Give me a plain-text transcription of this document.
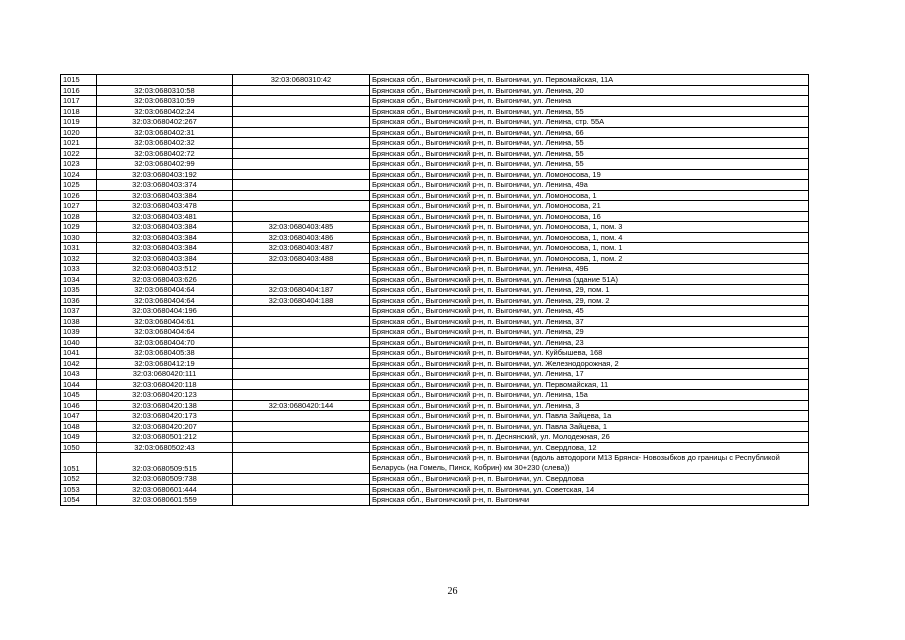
1015		32:03:0680310:42	Брянская обл., Выгоничский р-н, п. Выгоничи, ул. Первомайская, 11А
1016	32:03:0680310:58		Брянская обл., Выгоничский р-н, п. Выгоничи, ул. Ленина, 20
1017	32:03:0680310:59		Брянская обл., Выгоничский р-н, п. Выгоничи, ул. Ленина
1018	32:03:0680402:24		Брянская обл., Выгоничский р-н, п. Выгоничи, ул. Ленина, 55
1019	32:03:0680402:267		Брянская обл., Выгоничский р-н, п. Выгоничи, ул. Ленина, стр. 55А
1020	32:03:0680402:31		Брянская обл., Выгоничский р-н, п. Выгоничи, ул. Ленина, 66
1021	32:03:0680402:32		Брянская обл., Выгоничский р-н, п. Выгоничи, ул. Ленина, 55
1022	32:03:0680402:72		Брянская обл., Выгоничский р-н, п. Выгоничи, ул. Ленина, 55
1023	32:03:0680402:99		Брянская обл., Выгоничский р-н, п. Выгоничи, ул. Ленина, 55
1024	32:03:0680403:192		Брянская обл., Выгоничский р-н, п. Выгоничи, ул. Ломоносова, 19
1025	32:03:0680403:374		Брянская обл., Выгоничский р-н, п. Выгоничи, ул. Ленина, 49а
1026	32:03:0680403:384		Брянская обл., Выгоничский р-н, п. Выгоничи, ул. Ломоносова, 1
1027	32:03:0680403:478		Брянская обл., Выгоничский р-н, п. Выгоничи, ул. Ломоносова, 21
1028	32:03:0680403:481		Брянская обл., Выгоничский р-н, п. Выгоничи, ул. Ломоносова, 16
1029	32:03:0680403:384	32:03:0680403:485	Брянская обл., Выгоничский р-н, п. Выгоничи, ул. Ломоносова, 1, пом. 3
1030	32:03:0680403:384	32:03:0680403:486	Брянская обл., Выгоничский р-н, п. Выгоничи, ул. Ломоносова, 1, пом. 4
1031	32:03:0680403:384	32:03:0680403:487	Брянская обл., Выгоничский р-н, п. Выгоничи, ул. Ломоносова, 1, пом. 1
1032	32:03:0680403:384	32:03:0680403:488	Брянская обл., Выгоничский р-н, п. Выгоничи, ул. Ломоносова, 1, пом. 2
1033	32:03:0680403:512		Брянская обл., Выгоничский р-н, п. Выгоничи, ул. Ленина, 49Б
1034	32:03:0680403:626		Брянская обл., Выгоничский р-н, п. Выгоничи, ул. Ленина (здание 51А)
1035	32:03:0680404:64	32:03:0680404:187	Брянская обл., Выгоничский р-н, п. Выгоничи, ул. Ленина, 29, пом. 1
1036	32:03:0680404:64	32:03:0680404:188	Брянская обл., Выгоничский р-н, п. Выгоничи, ул. Ленина, 29, пом. 2
1037	32:03:0680404:196		Брянская обл., Выгоничский р-н, п. Выгоничи, ул. Ленина, 45
1038	32:03:0680404:61		Брянская обл., Выгоничский р-н, п. Выгоничи, ул. Ленина, 37
1039	32:03:0680404:64		Брянская обл., Выгоничский р-н, п. Выгоничи, ул. Ленина, 29
1040	32:03:0680404:70		Брянская обл., Выгоничский р-н, п. Выгоничи, ул. Ленина, 23
1041	32:03:0680405:38		Брянская обл., Выгоничский р-н, п. Выгоничи, ул. Куйбышева, 168
1042	32:03:0680412:19		Брянская обл., Выгоничский р-н, п. Выгоничи, ул. Железнодорожная, 2
1043	32:03:0680420:111		Брянская обл., Выгоничский р-н, п. Выгоничи, ул. Ленина, 17
1044	32:03:0680420:118		Брянская обл., Выгоничский р-н, п. Выгоничи, ул. Первомайская, 11
1045	32:03:0680420:123		Брянская обл., Выгоничский р-н, п. Выгоничи, ул. Ленина, 15а
1046	32:03:0680420:138	32:03:0680420:144	Брянская обл., Выгоничский р-н, п. Выгоничи, ул. Ленина, 3
1047	32:03:0680420:173		Брянская обл., Выгоничский р-н, п. Выгоничи, ул. Павла Зайцева, 1а
1048	32:03:0680420:207		Брянская обл., Выгоничский р-н, п. Выгоничи, ул. Павла Зайцева, 1
1049	32:03:0680501:212		Брянская обл., Выгоничский р-н, п. Деснянский, ул. Молодежная, 26
1050	32:03:0680502:43		Брянская обл., Выгоничский р-н, п. Выгоничи, ул. Свердлова, 12
1051	32:03:0680509:515		Брянская обл., Выгоничский р-н, п. Выгоничи (вдоль автодороги М13 Брянск- Новозыбков до границы с Республикой Беларусь (на Гомель, Пинск, Кобрин) км 30+230 (слева))
1052	32:03:0680509:738		Брянская обл., Выгоничский р-н, п. Выгоничи, ул. Свердлова
1053	32:03:0680601:444		Брянская обл., Выгоничский р-н, п. Выгоничи, ул. Советская, 14
1054	32:03:0680601:559		Брянская обл., Выгоничский р-н, п. Выгоничи
26
